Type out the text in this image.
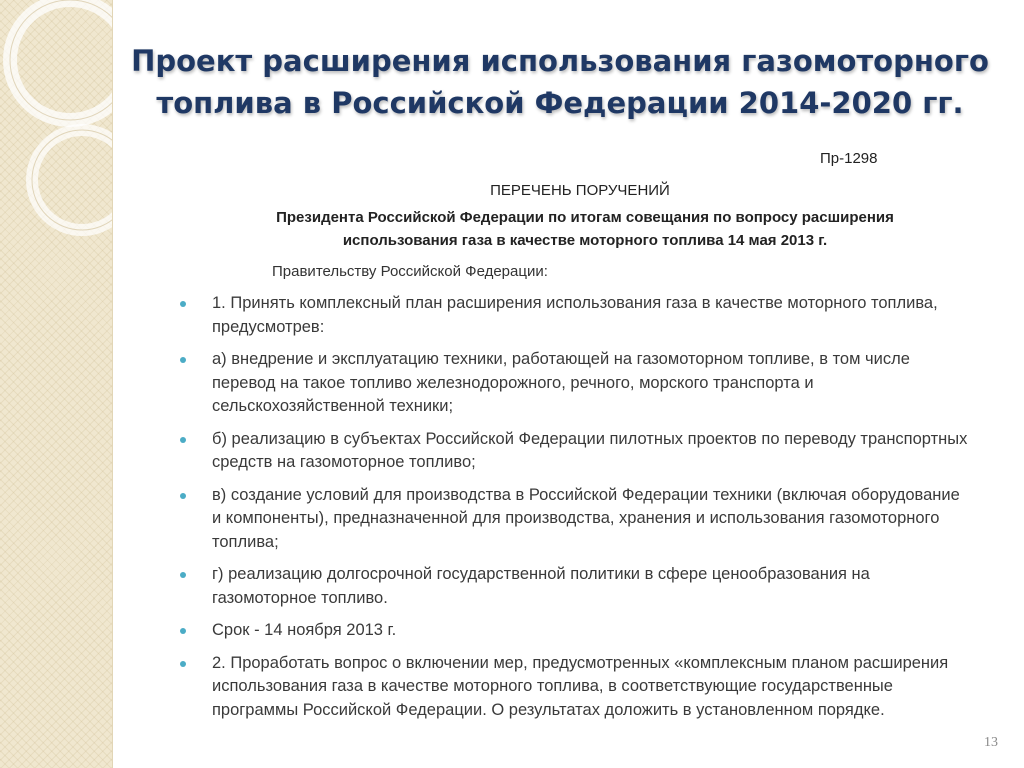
Проект расширения использования газомоторного
топлива в Российской Федерации 2014-2020 гг.
Пр-1298
ПЕРЕЧЕНЬ ПОРУЧЕНИЙ
Президента Российской Федерации по итогам совещания по вопросу расширения
использования газа в качестве моторного топлива 14 мая 2013 г.
Правительству Российской Федерации:
1. Принять комплексный план расширения использования газа в качестве моторного топлива, предусмотрев:
а) внедрение и эксплуатацию техники, работающей на газомоторном топливе, в том числе перевод на такое топливо железнодорожного, речного, морского транспорта и сельскохозяйственной техники;
б) реализацию в субъектах Российской Федерации пилотных проектов по переводу транспортных средств на газомоторное топливо;
в) создание условий для производства в Российской Федерации техники (включая оборудование и компоненты), предназначенной для производства, хранения и использования газомоторного топлива;
г) реализацию долгосрочной государственной политики в сфере ценообразования на газомоторное топливо.
Срок - 14 ноября 2013 г.
2. Проработать вопрос о включении мер, предусмотренных «комплексным планом расширения использования газа в качестве моторного топлива, в соответствующие государственные программы Российской Федерации. О результатах доложить в установленном порядке.
13
